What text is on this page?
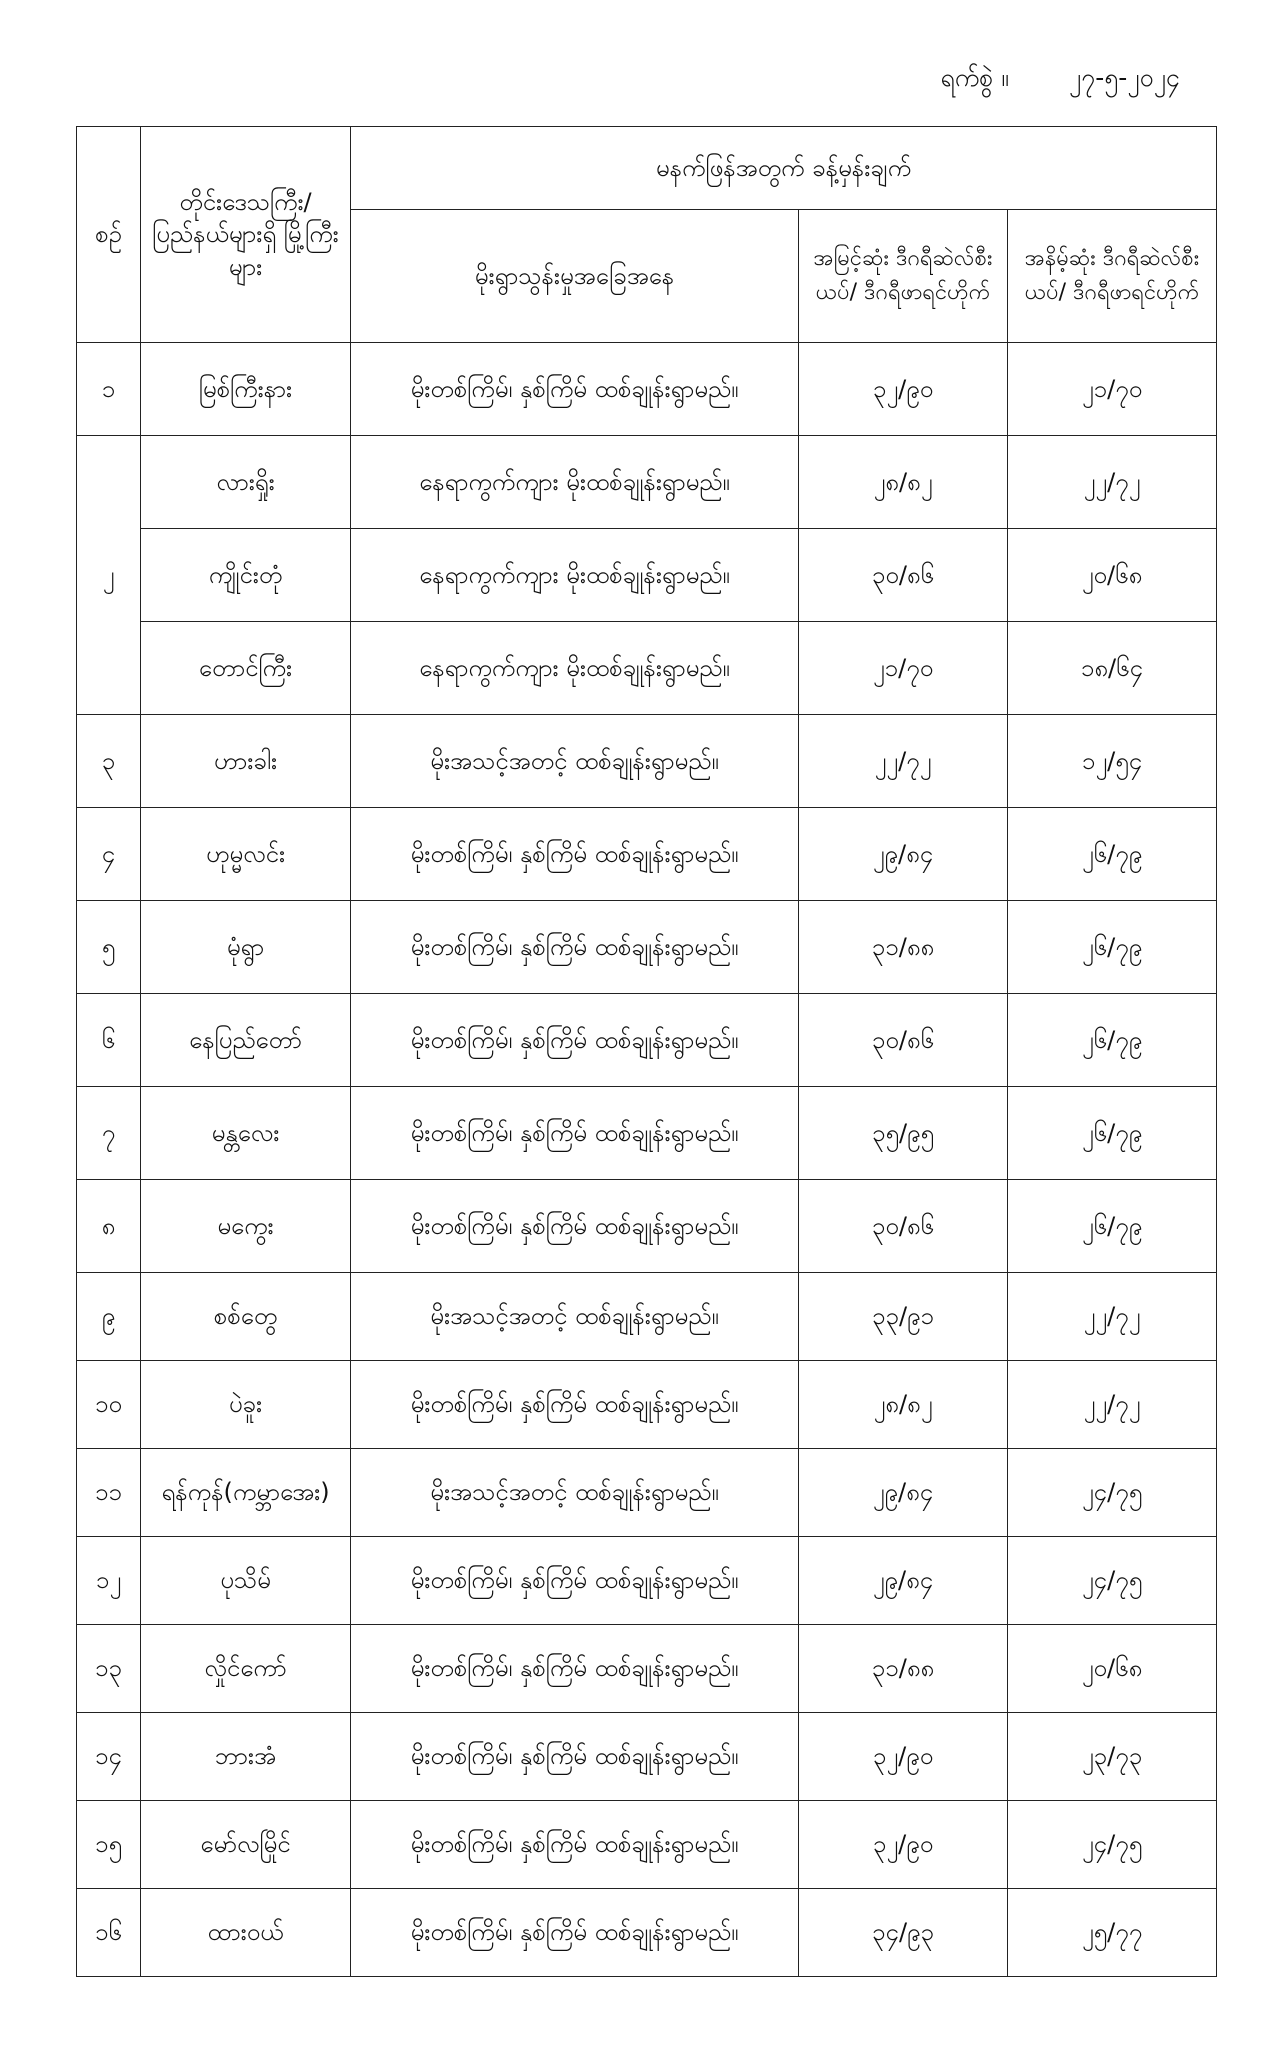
ရက်စွဲ ။ ၂၇-၅-၂၀၂၄
စဉ်	တိုင်းဒေသကြီး/ ပြည်နယ်များရှိ မြို့ကြီးများ	မနက်ဖြန်အတွက် ခန့်မှန်းချက်		
		မိုးရွာသွန်းမှုအခြေအနေ	အမြင့်ဆုံး ဒီဂရီဆဲလ်စီးယပ်/ ဒီဂရီဖာရင်ဟိုက်	အနိမ့်ဆုံး ဒီဂရီဆဲလ်စီးယပ်/ ဒီဂရီဖာရင်ဟိုက်
၁	မြစ်ကြီးနား	မိုးတစ်ကြိမ်၊ နှစ်ကြိမ် ထစ်ချုန်းရွာမည်။	၃၂/၉၀	၂၁/၇၀
၂	လားရှိုး	နေရာကွက်ကျား မိုးထစ်ချုန်းရွာမည်။	၂၈/၈၂	၂၂/၇၂
	ကျိုင်းတုံ	နေရာကွက်ကျား မိုးထစ်ချုန်းရွာမည်။	၃၀/၈၆	၂၀/၆၈
	တောင်ကြီး	နေရာကွက်ကျား မိုးထစ်ချုန်းရွာမည်။	၂၁/၇၀	၁၈/၆၄
၃	ဟားခါး	မိုးအသင့်အတင့် ထစ်ချုန်းရွာမည်။	၂၂/၇၂	၁၂/၅၄
၄	ဟုမ္မလင်း	မိုးတစ်ကြိမ်၊ နှစ်ကြိမ် ထစ်ချုန်းရွာမည်။	၂၉/၈၄	၂၆/၇၉
၅	မုံရွာ	မိုးတစ်ကြိမ်၊ နှစ်ကြိမ် ထစ်ချုန်းရွာမည်။	၃၁/၈၈	၂၆/၇၉
၆	နေပြည်တော်	မိုးတစ်ကြိမ်၊ နှစ်ကြိမ် ထစ်ချုန်းရွာမည်။	၃၀/၈၆	၂၆/၇၉
၇	မန္တလေး	မိုးတစ်ကြိမ်၊ နှစ်ကြိမ် ထစ်ချုန်းရွာမည်။	၃၅/၉၅	၂၆/၇၉
၈	မကွေး	မိုးတစ်ကြိမ်၊ နှစ်ကြိမ် ထစ်ချုန်းရွာမည်။	၃၀/၈၆	၂၆/၇၉
၉	စစ်တွေ	မိုးအသင့်အတင့် ထစ်ချုန်းရွာမည်။	၃၃/၉၁	၂၂/၇၂
၁၀	ပဲခူး	မိုးတစ်ကြိမ်၊ နှစ်ကြိမ် ထစ်ချုန်းရွာမည်။	၂၈/၈၂	၂၂/၇၂
၁၁	ရန်ကုန်(ကမ္ဘာအေး)	မိုးအသင့်အတင့် ထစ်ချုန်းရွာမည်။	၂၉/၈၄	၂၄/၇၅
၁၂	ပုသိမ်	မိုးတစ်ကြိမ်၊ နှစ်ကြိမ် ထစ်ချုန်းရွာမည်။	၂၉/၈၄	၂၄/၇၅
၁၃	လှိုင်ကော်	မိုးတစ်ကြိမ်၊ နှစ်ကြိမ် ထစ်ချုန်းရွာမည်။	၃၁/၈၈	၂၀/၆၈
၁၄	ဘားအံ	မိုးတစ်ကြိမ်၊ နှစ်ကြိမ် ထစ်ချုန်းရွာမည်။	၃၂/၉၀	၂၃/၇၃
၁၅	မော်လမြိုင်	မိုးတစ်ကြိမ်၊ နှစ်ကြိမ် ထစ်ချုန်းရွာမည်။	၃၂/၉၀	၂၄/၇၅
၁၆	ထားဝယ်	မိုးတစ်ကြိမ်၊ နှစ်ကြိမ် ထစ်ချုန်းရွာမည်။	၃၄/၉၃	၂၅/၇၇
